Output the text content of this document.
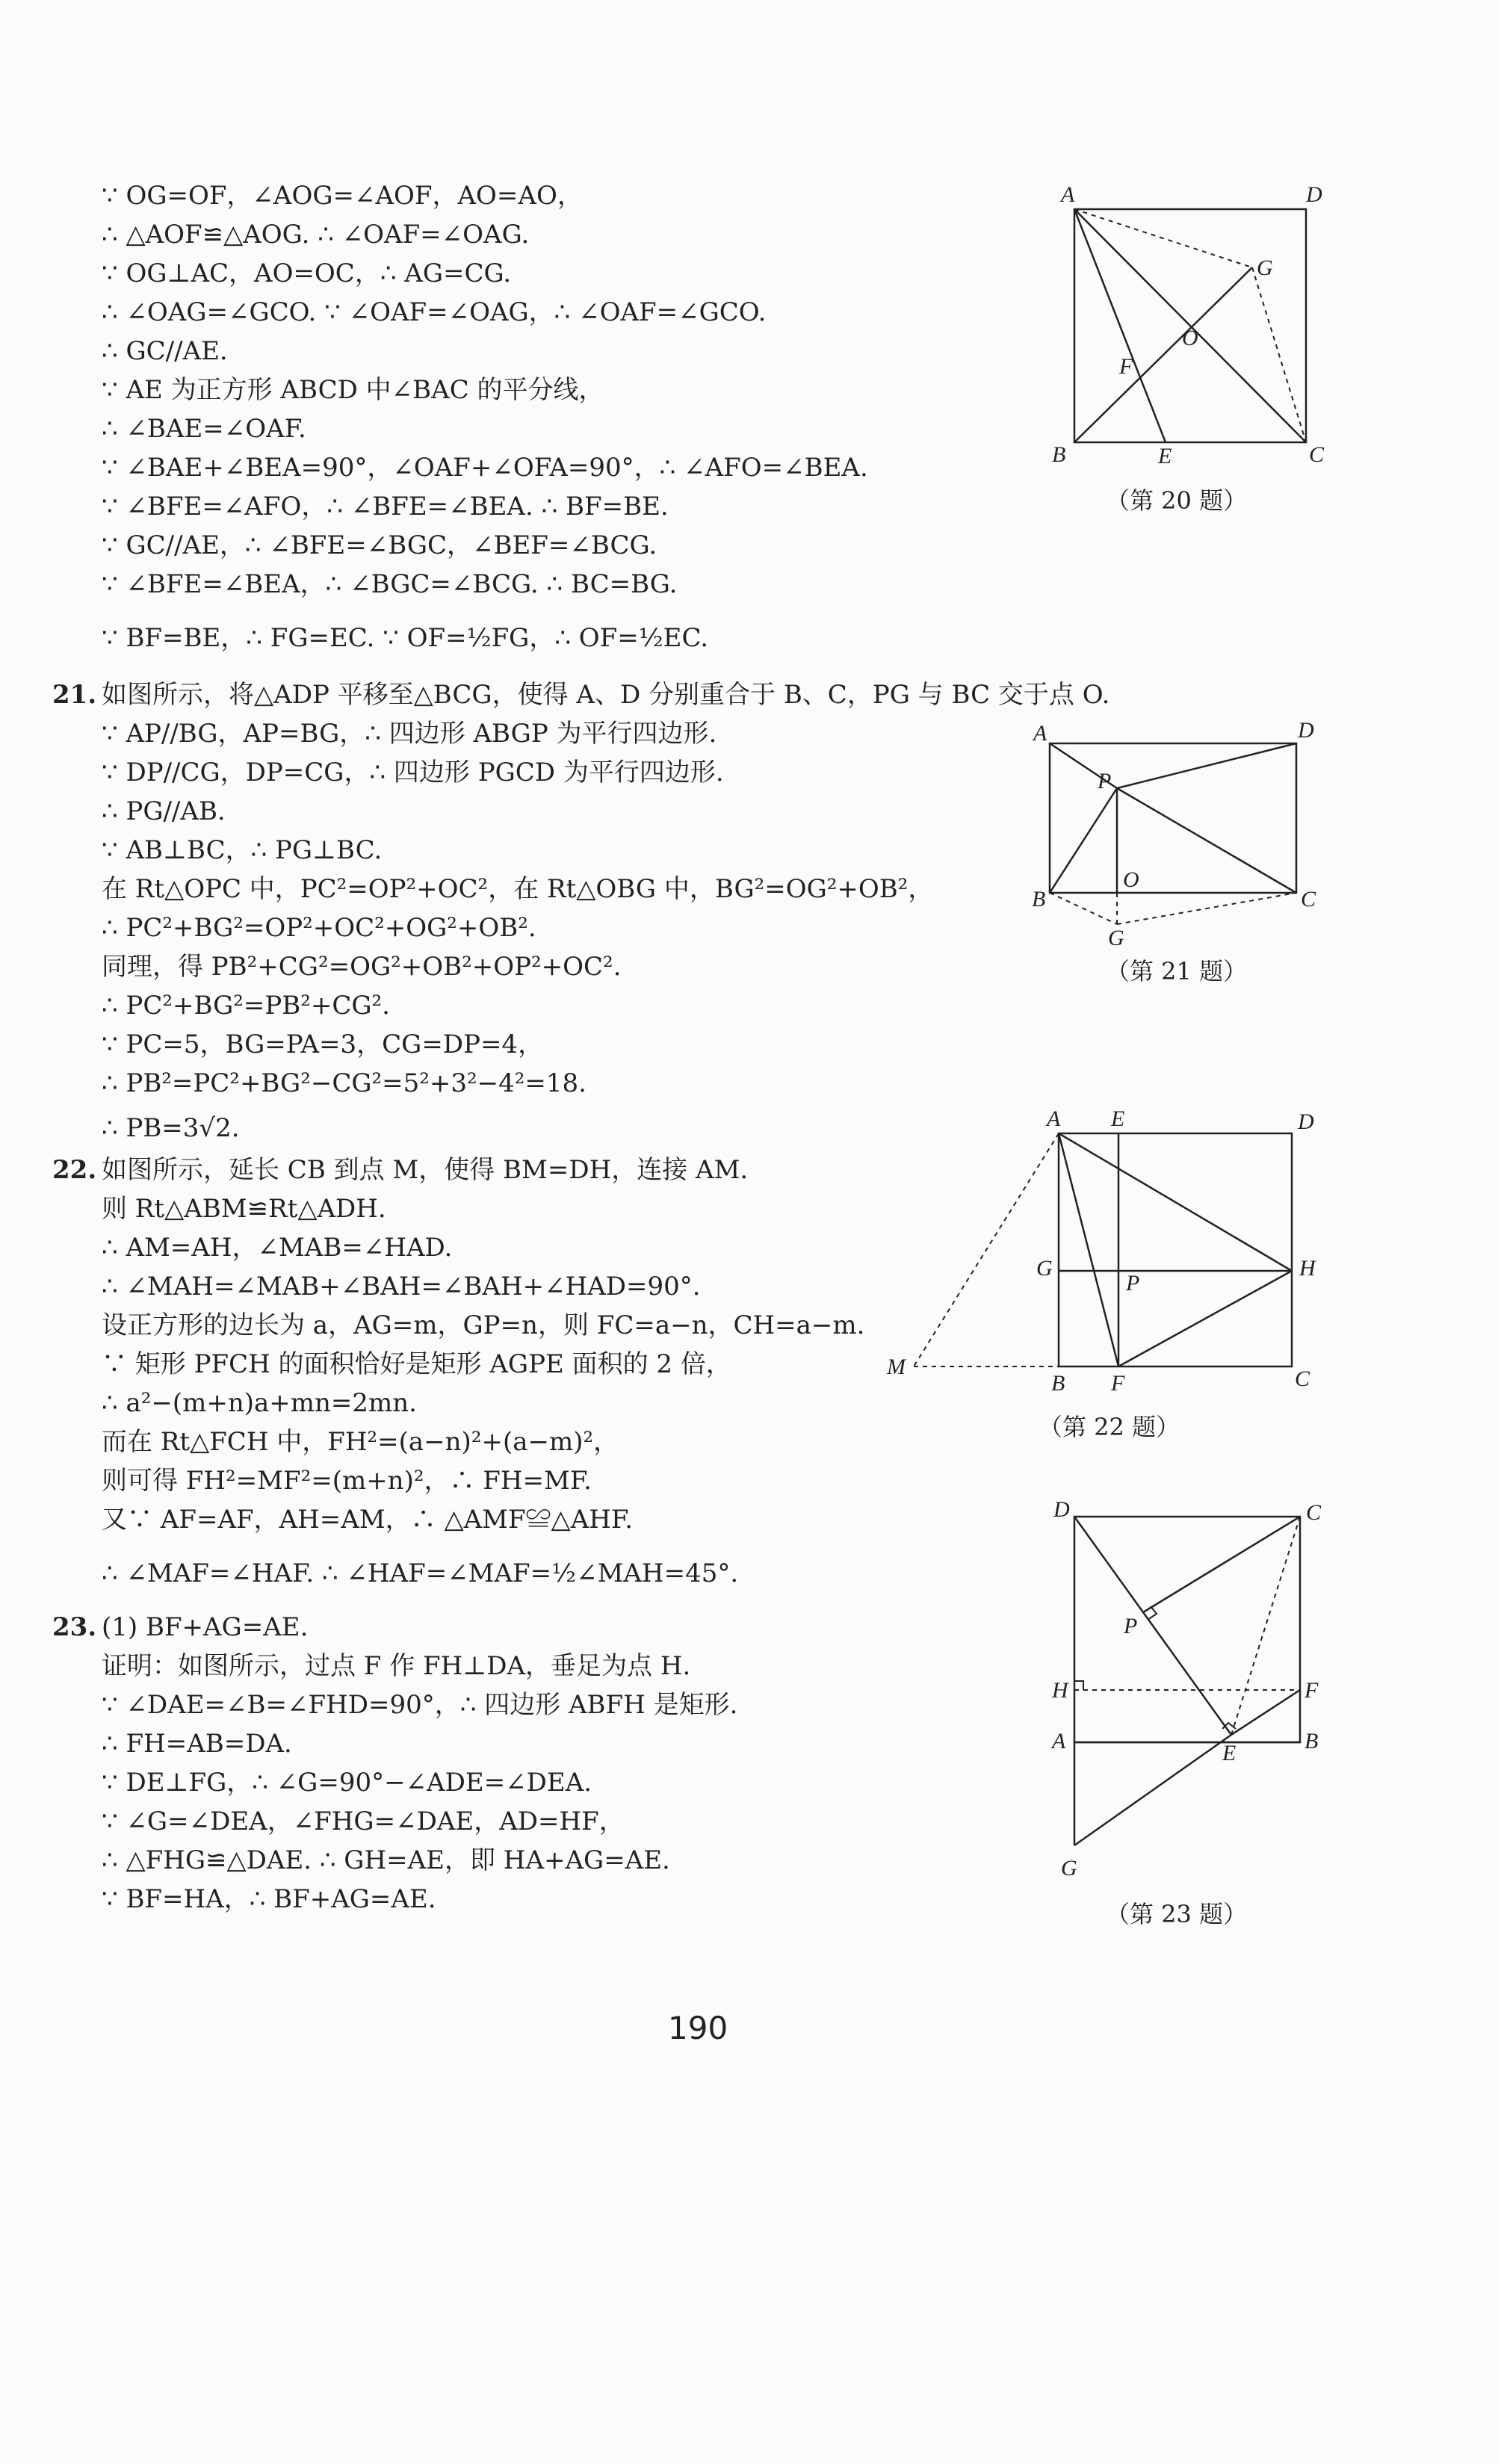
∵ OG=OF，∠AOG=∠AOF，AO=AO，
∴ △AOF≌△AOG. ∴ ∠OAF=∠OAG.
∵ OG⊥AC，AO=OC，∴ AG=CG.
∴ ∠OAG=∠GCO. ∵ ∠OAF=∠OAG，∴ ∠OAF=∠GCO.
∴ GC//AE.
∵ AE 为正方形 ABCD 中∠BAC 的平分线，
∴ ∠BAE=∠OAF.
∵ ∠BAE+∠BEA=90°，∠OAF+∠OFA=90°，∴ ∠AFO=∠BEA.
∵ ∠BFE=∠AFO，∴ ∠BFE=∠BEA. ∴ BF=BE.
∵ GC//AE，∴ ∠BFE=∠BGC，∠BEF=∠BCG.
∵ ∠BFE=∠BEA，∴ ∠BGC=∠BCG. ∴ BC=BG.
∵ BF=BE，∴ FG=EC. ∵ OF=½FG，∴ OF=½EC.
21. 如图所示，将△ADP 平移至△BCG，使得 A、D 分别重合于 B、C，PG 与 BC 交于点 O.
∵ AP//BG，AP=BG，∴ 四边形 ABGP 为平行四边形.
∵ DP//CG，DP=CG，∴ 四边形 PGCD 为平行四边形.
∴ PG//AB.
∵ AB⊥BC，∴ PG⊥BC.
在 Rt△OPC 中，PC²=OP²+OC²，在 Rt△OBG 中，BG²=OG²+OB²，
∴ PC²+BG²=OP²+OC²+OG²+OB².
同理，得 PB²+CG²=OG²+OB²+OP²+OC².
∴ PC²+BG²=PB²+CG².
∵ PC=5，BG=PA=3，CG=DP=4，
∴ PB²=PC²+BG²−CG²=5²+3²−4²=18.
∴ PB=3√2.
22. 如图所示，延长 CB 到点 M，使得 BM=DH，连接 AM.
则 Rt△ABM≌Rt△ADH.
∴ AM=AH，∠MAB=∠HAD.
∴ ∠MAH=∠MAB+∠BAH=∠BAH+∠HAD=90°.
设正方形的边长为 a，AG=m，GP=n，则 FC=a−n，CH=a−m.
∵ 矩形 PFCH 的面积恰好是矩形 AGPE 面积的 2 倍，
∴ a²−(m+n)a+mn=2mn.
而在 Rt△FCH 中，FH²=(a−n)²+(a−m)²，
则可得 FH²=MF²=(m+n)²，∴ FH=MF.
又∵ AF=AF，AH=AM，∴ △AMF≌△AHF.
∴ ∠MAF=∠HAF. ∴ ∠HAF=∠MAF=½∠MAH=45°.
23. (1) BF+AG=AE.
证明：如图所示，过点 F 作 FH⊥DA，垂足为点 H.
∵ ∠DAE=∠B=∠FHD=90°，∴ 四边形 ABFH 是矩形.
∴ FH=AB=DA.
∵ DE⊥FG，∴ ∠G=90°−∠ADE=∠DEA.
∵ ∠G=∠DEA，∠FHG=∠DAE，AD=HF，
∴ △FHG≌△DAE. ∴ GH=AE，即 HA+AG=AE.
∵ BF=HA，∴ BF+AG=AE.
A	D
G
O
F
B	E	C
（第 20 题）
A	D
P
O
B	C
G
（第 21 题）
A E	D
G
P
H
M
B F	C
（第 22 题）
D	C
P
H	F
A	B
E
G
（第 23 题）
190
